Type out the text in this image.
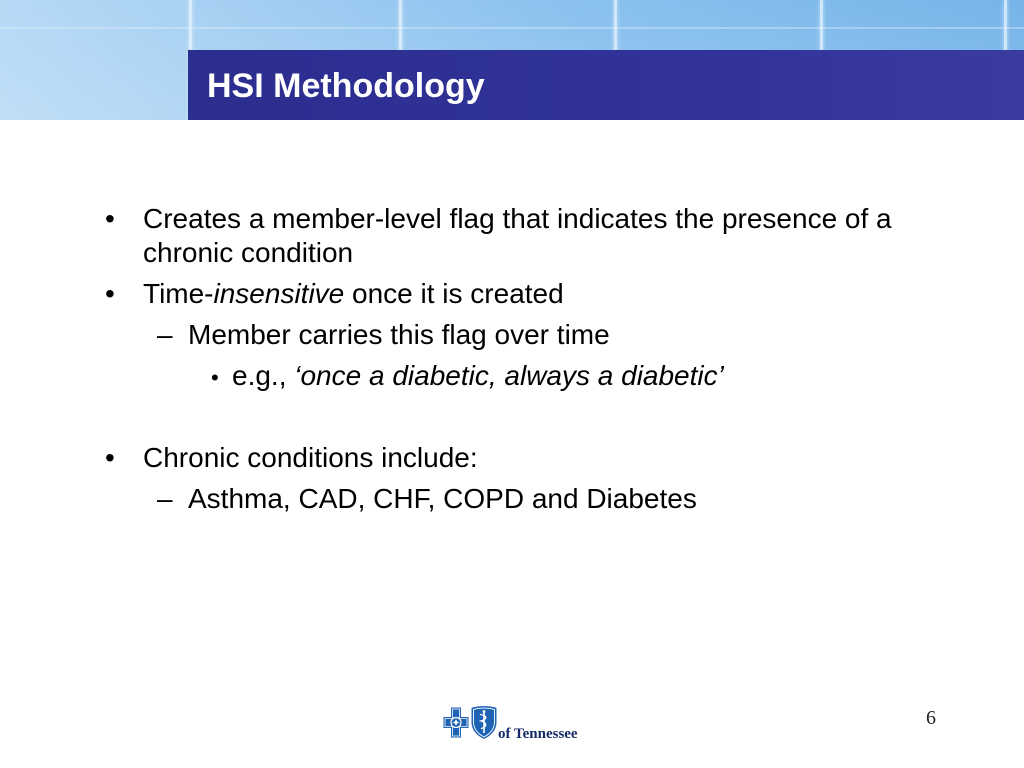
HSI Methodology
• Creates a member-level flag that indicates the presence of a chronic condition
• Time-insensitive once it is created
– Member carries this flag over time
• e.g., ‘once a diabetic, always a diabetic’
• Chronic conditions include:
– Asthma, CAD, CHF, COPD and Diabetes
of Tennessee
6
